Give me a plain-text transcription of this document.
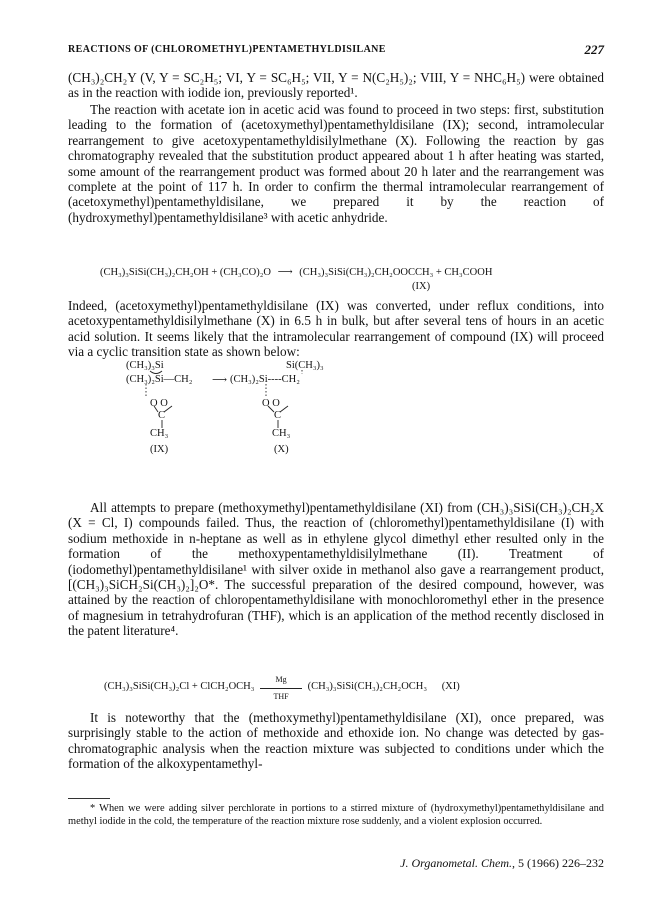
REACTIONS OF (CHLOROMETHYL)PENTAMETHYLDISILANE	227

(CH₃)₂CH₂Y (V, Y = SC₂H₅; VI, Y = SC₆H₅; VII, Y = N(C₂H₅)₂; VIII, Y = NHC₆H₅) were obtained as in the reaction with iodide ion, previously reported¹.

The reaction with acetate ion in acetic acid was found to proceed in two steps: first, substitution leading to the formation of (acetoxymethyl)pentamethyldisilane (IX); second, intramolecular rearrangement to give acetoxypentamethyldisilylmethane (X). Following the reaction by gas chromatography revealed that the substitution product appeared about 1 h after heating was started, some amount of the rearrangement product was formed about 20 h later and the rearrangement was complete at the point of 117 h. In order to confirm the thermal intramolecular rearrangement of (acetoxymethyl)pentamethyldisilane, we prepared it by the reaction of (hydroxymethyl)pentamethyldisilane³ with acetic anhydride.

(CH₃)₃SiSi(CH₃)₂CH₂OH + (CH₃CO)₂O ⟶ (CH₃)₃SiSi(CH₃)₂CH₂OOCCH₃ + CH₃COOH
(IX)

Indeed, (acetoxymethyl)pentamethyldisilane (IX) was converted, under reflux conditions, into acetoxypentamethyldisilylmethane (X) in 6.5 h in bulk, but after several tens of hours in an acetic acid solution. It seems likely that the intramolecular rearrangement of compound (IX) will proceed via a cyclic transition state as shown below:

(CH₃)₃Si
(CH₃)₂Si—CH₂
O O
C
CH₃
(IX)
⟶
Si(CH₃)₃
(CH₃)₂Si----CH₂
O O
C
CH₃
(X)

All attempts to prepare (methoxymethyl)pentamethyldisilane (XI) from (CH₃)₃SiSi(CH₃)₂CH₂X (X = Cl, I) compounds failed. Thus, the reaction of (chloromethyl)pentamethyldisilane (I) with sodium methoxide in n-heptane as well as in ethylene glycol dimethyl ether resulted only in the formation of the methoxypentamethyldisilylmethane (II). Treatment of (iodomethyl)pentamethyldisilane¹ with silver oxide in methanol also gave a rearrangement product, [(CH₃)₃SiCH₂Si(CH₃)₂]₂O*. The successful preparation of the desired compound, however, was attained by the reaction of chloropentamethyldisilane with monochloromethyl ether in the presence of magnesium in tetrahydrofuran (THF), which is an application of the method recently disclosed in the patent literature⁴.

(CH₃)₃SiSi(CH₃)₂Cl + ClCH₂OCH₃
Mg
THF
(CH₃)₃SiSi(CH₃)₂CH₂OCH₃ (XI)

It is noteworthy that the (methoxymethyl)pentamethyldisilane (XI), once prepared, was surprisingly stable to the action of methoxide and ethoxide ion. No change was detected by gas-chromatographic analysis when the reaction mixture was subjected to conditions under which the formation of the alkoxypentamethyl-

* When we were adding silver perchlorate in portions to a stirred mixture of (hydroxymethyl)pentamethyldisilane and methyl iodide in the cold, the temperature of the reaction mixture rose suddenly, and a violent explosion occurred.

J. Organometal. Chem., 5 (1966) 226–232
